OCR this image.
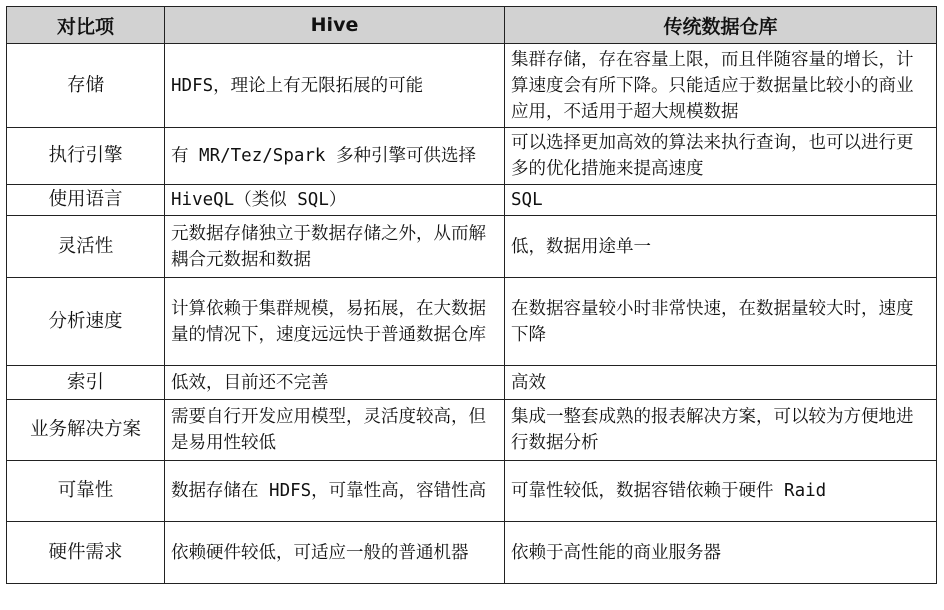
对比项	Hive	传统数据仓库
存储	HDFS，理论上有无限拓展的可能	集群存储，存在容量上限，而且伴随容量的增长，计算速度会有所下降。只能适应于数据量比较小的商业应用，不适用于超大规模数据
执行引擎	有 MR/Tez/Spark 多种引擎可供选择	可以选择更加高效的算法来执行查询，也可以进行更多的优化措施来提高速度
使用语言	HiveQL（类似 SQL）	SQL
灵活性	元数据存储独立于数据存储之外，从而解耦合元数据和数据	低，数据用途单一
分析速度	计算依赖于集群规模，易拓展，在大数据量的情况下，速度远远快于普通数据仓库	在数据容量较小时非常快速，在数据量较大时，速度下降
索引	低效，目前还不完善	高效
业务解决方案	需要自行开发应用模型，灵活度较高，但是易用性较低	集成一整套成熟的报表解决方案，可以较为方便地进行数据分析
可靠性	数据存储在 HDFS，可靠性高，容错性高	可靠性较低，数据容错依赖于硬件 Raid
硬件需求	依赖硬件较低，可适应一般的普通机器	依赖于高性能的商业服务器
